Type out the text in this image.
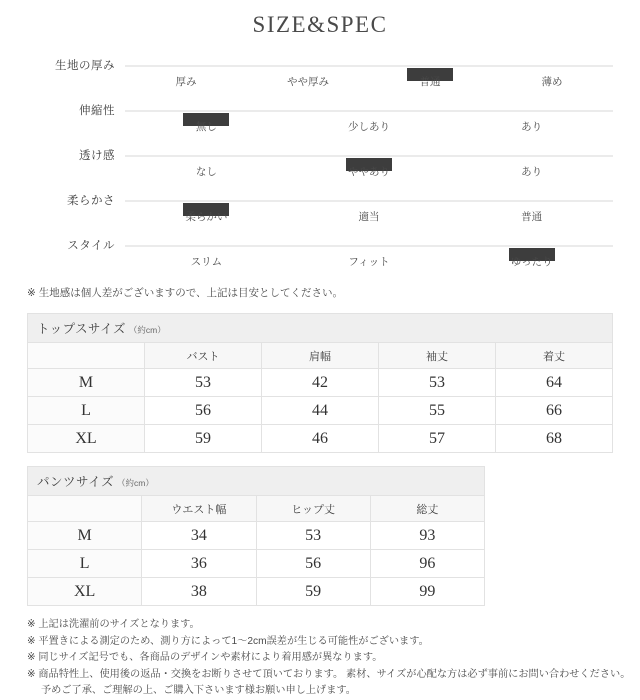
SIZE&SPEC
生地の厚み
厚み	やや厚み	普通	薄め
伸縮性
無し	少しあり	あり
透け感
なし	ややあり	あり
柔らかさ
柔らかい	適当	普通
スタイル
スリム	フィット	ゆったり
※ 生地感は個人差がございますので、上記は目安としてください。
トップスサイズ （約cm）				
	バスト	肩幅	袖丈	着丈
M	53	42	53	64
L	56	44	55	66
XL	59	46	57	68
パンツサイズ （約cm）			
	ウエスト幅	ヒップ丈	総丈
M	34	53	93
L	36	56	96
XL	38	59	99
※ 上記は洗濯前のサイズとなります。
※ 平置きによる測定のため、測り方によって1〜2cm誤差が生じる可能性がございます。
※ 同じサイズ記号でも、各商品のデザインや素材により着用感が異なります。
※ 商品特性上、使用後の返品・交換をお断りさせて頂いております。 素材、サイズが心配な方は必ず事前にお問い合わせください。
予めご了承、ご理解の上、ご購入下さいます様お願い申し上げます。
